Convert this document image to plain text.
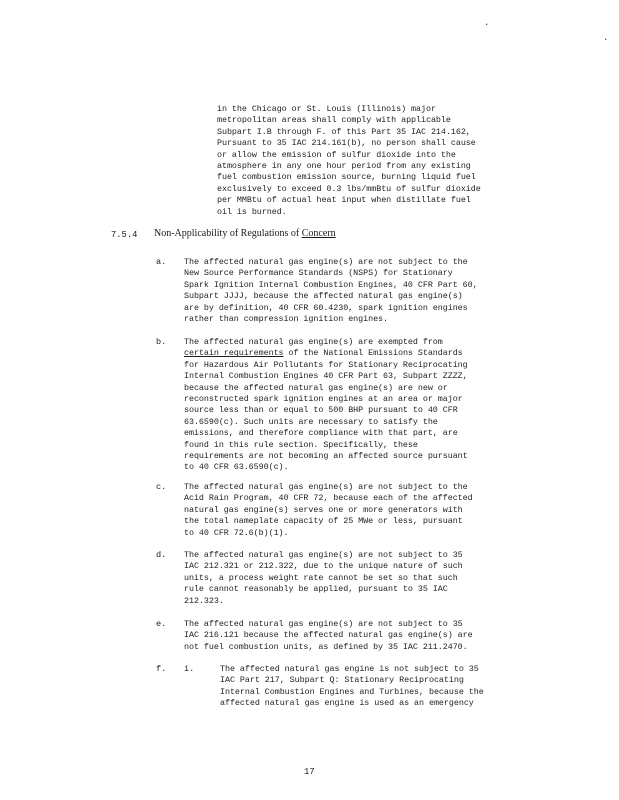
.
.
in the Chicago or St. Louis (Illinois) major
metropolitan areas shall comply with applicable
Subpart I.B through F. of this Part 35 IAC 214.162,
Pursuant to 35 IAC 214.161(b), no person shall cause
or allow the emission of sulfur dioxide into the
atmosphere in any one hour period from any existing
fuel combustion emission source, burning liquid fuel
exclusively to exceed 0.3 lbs/mmBtu of sulfur dioxide
per MMBtu of actual heat input when distillate fuel
oil is burned.
7.5.4 Non-Applicability of Regulations of Concern
a. The affected natural gas engine(s) are not subject to the
New Source Performance Standards (NSPS) for Stationary
Spark Ignition Internal Combustion Engines, 40 CFR Part 60,
Subpart JJJJ, because the affected natural gas engine(s)
are by definition, 40 CFR 60.4230, spark ignition engines
rather than compression ignition engines.
b. The affected natural gas engine(s) are exempted from
certain requirements of the National Emissions Standards
for Hazardous Air Pollutants for Stationary Reciprocating
Internal Combustion Engines 40 CFR Part 63, Subpart ZZZZ,
because the affected natural gas engine(s) are new or
reconstructed spark ignition engines at an area or major
source less than or equal to 500 BHP pursuant to 40 CFR
63.6590(c). Such units are necessary to satisfy the
emissions, and therefore compliance with that part, are
found in this rule section. Specifically, these
requirements are not becoming an affected source pursuant
to 40 CFR 63.6590(c).
c. The affected natural gas engine(s) are not subject to the
Acid Rain Program, 40 CFR 72, because each of the affected
natural gas engine(s) serves one or more generators with
the total nameplate capacity of 25 MWe or less, pursuant
to 40 CFR 72.6(b)(1).
d. The affected natural gas engine(s) are not subject to 35
IAC 212.321 or 212.322, due to the unique nature of such
units, a process weight rate cannot be set so that such
rule cannot reasonably be applied, pursuant to 35 IAC
212.323.
e. The affected natural gas engine(s) are not subject to 35
IAC 216.121 because the affected natural gas engine(s) are
not fuel combustion units, as defined by 35 IAC 211.2470.
f. i.	The affected natural gas engine is not subject to 35
IAC Part 217, Subpart Q: Stationary Reciprocating
Internal Combustion Engines and Turbines, because the
affected natural gas engine is used as an emergency
17
